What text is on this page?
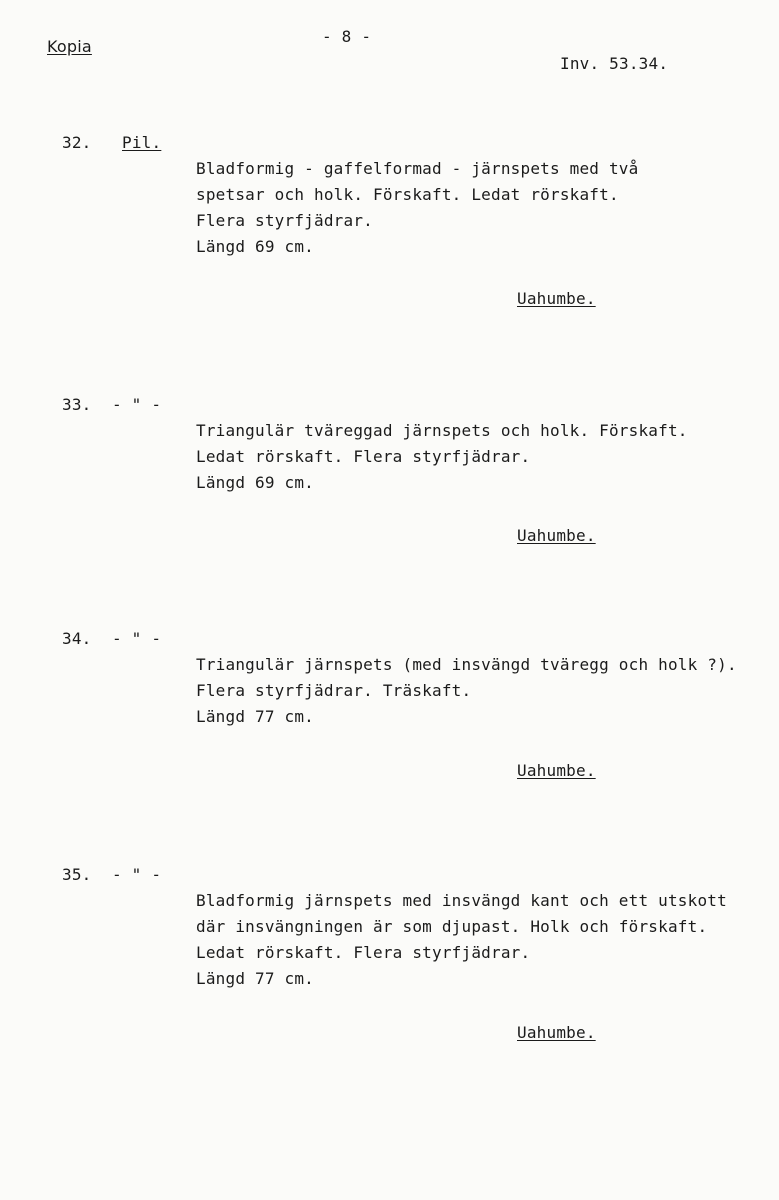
- 8 -
Kopia
Inv. 53.34.
32. Pil.
Bladformig - gaffelformad - järnspets med två
spetsar och holk. Förskaft. Ledat rörskaft.
Flera styrfjädrar.
Längd 69 cm.
Uahumbe.
33. - " -
Triangulär tväreggad järnspets och holk. Förskaft.
Ledat rörskaft. Flera styrfjädrar.
Längd 69 cm.
Uahumbe.
34. - " -
Triangulär järnspets (med insvängd tväregg och holk ?).
Flera styrfjädrar. Träskaft.
Längd 77 cm.
Uahumbe.
35. - " -
Bladformig järnspets med insvängd kant och ett utskott
där insvängningen är som djupast. Holk och förskaft.
Ledat rörskaft. Flera styrfjädrar.
Längd 77 cm.
Uahumbe.
